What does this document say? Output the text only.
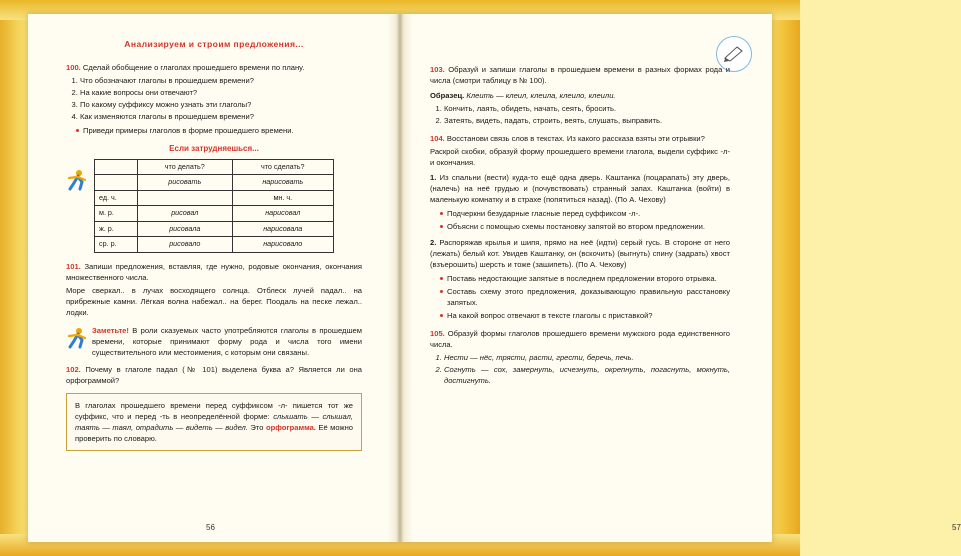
Анализируем и строим предложения...

100. Сделай обобщение о глаголах прошедшего времени по плану.

1. Что обозначают глаголы в прошедшем времени?
2. На какие вопросы они отвечают?
3. По какому суффиксу можно узнать эти глаголы?
4. Как изменяются глаголы в прошедшем времени?
Приведи примеры глаголов в форме прошедшего времени.
Если затрудняешься...
	что делать?	что сделать?
	рисовать	нарисовать
ед. ч.		мн. ч.
м. р.	рисовал	нарисовал
ж. р.	рисовала	нарисовала
ср. р.	рисовало	нарисовало

101. Запиши предложения, вставляя, где нужно, родовые окончания, окончания множественного числа.

Море сверкал.. в лучах восходящего солнца. Отблеск лучей падал.. на прибрежные камни. Лёгкая волна набежал.. на берег. Поодаль на песке лежал.. лодки.

Заметьте! В роли сказуемых часто употребляются глаголы в прошедшем времени, которые принимают форму рода и числа того имени существительного или местоимения, с которым они связаны.

102. Почему в глаголе падал (№ 101) выделена буква а? Является ли она орфограммой?

В глаголах прошедшего времени перед суффиксом -л- пишется тот же суффикс, что и перед -ть в неопределённой форме: слышать — слышал, таять — таял, отрадить — видеть — видел. Это орфограмма. Её можно проверить по словарю.
56

103. Образуй и запиши глаголы в прошедшем времени в разных формах рода и числа (смотри таблицу в № 100).

Образец. Клеить — клеил, клеила, клеило, клеили.

1. Кончить, лаять, обидеть, начать, сеять, бросить.
2. Затеять, видеть, падать, строить, веять, слушать, выправить.

104. Восстанови связь слов в текстах. Из какого рассказа взяты эти отрывки?

Раскрой скобки, образуй форму прошедшего времени глагола, выдели суффикс -л- и окончания.

1. Из спальни (вести) куда-то ещё одна дверь. Каштанка (поцарапать) эту дверь, (налечь) на неё грудью и (почувствовать) странный запах. Каштанка (войти) в маленькую комнатку и в страхе (попятиться назад). (По А. Чехову)

Подчеркни безударные гласные перед суффиксом -л-.
Объясни с помощью схемы постановку запятой во втором предложении.

2. Распоряжав крылья и шипя, прямо на неё (идти) серый гусь. В стороне от него (лежать) белый кот. Увидев Каштанку, он (вскочить) (выгнуть) спину (задрать) хвост (взъерошить) шерсть и тоже (зашипеть). (По А. Чехову)

Поставь недостающие запятые в последнем предложении второго отрывка.
Составь схему этого предложения, доказывающую правильную расстановку запятых.
На какой вопрос отвечают в тексте глаголы с приставкой?

105. Образуй формы глаголов прошедшего времени мужского рода единственного числа.

1. Нести — нёс, трясти, расти, грести, беречь, печь.
2. Согнуть — сох, замернуть, исчезнуть, окрепнуть, погаснуть, мокнуть, достигнуть.
57
